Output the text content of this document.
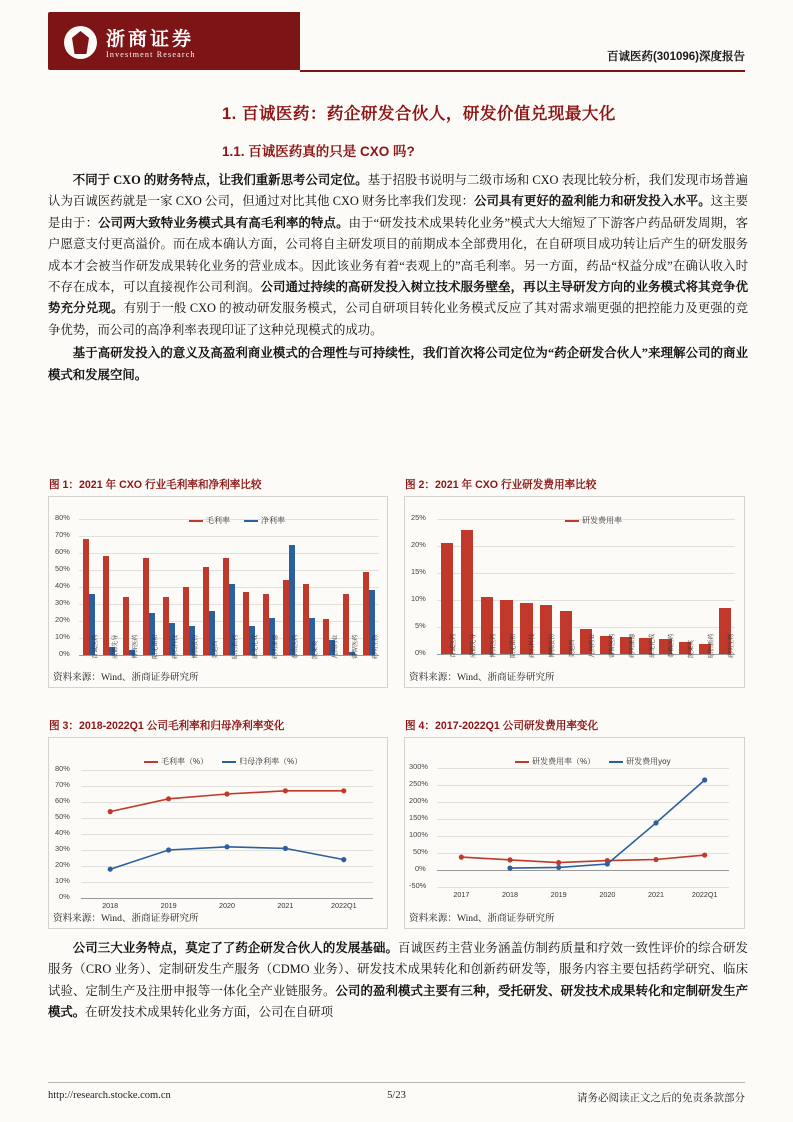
浙商证券
Investment Research	百诚医药(301096)深度报告
1. 百诚医药：药企研发合伙人，研发价值兑现最大化
1.1. 百诚医药真的只是 CXO 吗?

不同于 CXO 的财务特点，让我们重新思考公司定位。基于招股书说明与二级市场和 CXO 表现比较分析，我们发现市场普遍认为百诚医药就是一家 CXO 公司，但通过对比其他 CXO 财务比率我们发现：公司具有更好的盈利能力和研发投入水平。这主要是由于：公司两大致特业务模式具有高毛利率的特点。由于“研发技术成果转化业务”模式大大缩短了下游客户药品研发周期，客户愿意支付更高溢价。而在成本确认方面，公司将自主研发项目的前期成本全部费用化，在自研项目成功转让后产生的研发服务成本才会被当作研发成果转化业务的营业成本。因此该业务有着“表观上的”高毛利率。另一方面，药品“权益分成”在确认收入时不存在成本，可以直接视作公司利润。公司通过持续的高研发投入树立技术服务壁垒，再以主导研发方向的业务模式将其竞争优势充分兑现。有别于一般 CXO 的被动研发服务模式，公司自研项目转化业务模式反应了其对需求端更强的把控能力及更强的竞争优势，而公司的高净利率表现印证了这种兑现模式的成功。

基于高研发投入的意义及高盈利商业模式的合理性与可持续性，我们首次将公司定位为“药企研发合伙人”来理解公司的商业模式和发展空间。

图 1：2021 年 CXO 行业毛利率和净利率比较
80%
70%
60%
50%
40%
30%
20%
10%
0%
毛利率	净利率
百诚医药	成都先导	博济医药	阳光诺和	药石科技	博腾股份	美迪西	昭衍新药	康龙化成	药明康德	泰格医药	凯莱英	九洲药业	睿智医药	药明生物
资料来源：Wind、浙商证券研究所
图 2：2021 年 CXO 行业研发费用率比较
25%
20%
15%
10%
5%
0%
研发费用率
百诚医药	成都先导	博济医药	阳光诺和	药石科技	博腾股份	美迪西	九洲药业	睿智医药	药明康德	康龙化成	泰格医药	凯莱英	昭衍新药	药明生物
资料来源：Wind、浙商证券研究所
图 3：2018-2022Q1 公司毛利率和归母净利率变化
80%
70%
60%
50%
40%
30%
20%
10%
0%
毛利率（%）	归母净利率（%）
2018	2019	2020	2021	2022Q1
资料来源：Wind、浙商证券研究所
图 4：2017-2022Q1 公司研发费用率变化
300%
250%
200%
150%
100%
50%
0%
-50%
研发费用率（%）	研发费用yoy
2017	2018	2019	2020	2021	2022Q1
资料来源：Wind、浙商证券研究所

公司三大业务特点，莫定了了药企研发合伙人的发展基础。百诚医药主营业务涵盖仿制药质量和疗效一致性评价的综合研发服务（CRO 业务）、定制研发生产服务（CDMO 业务）、研发技术成果转化和创新药研发等，服务内容主要包括药学研究、临床试验、定制生产及注册申报等一体化全产业链服务。公司的盈利模式主要有三种，受托研发、研发技术成果转化和定制研发生产模式。在研发技术成果转化业务方面，公司在自研项

http://research.stocke.com.cn	5/23	请务必阅读正文之后的免责条款部分
